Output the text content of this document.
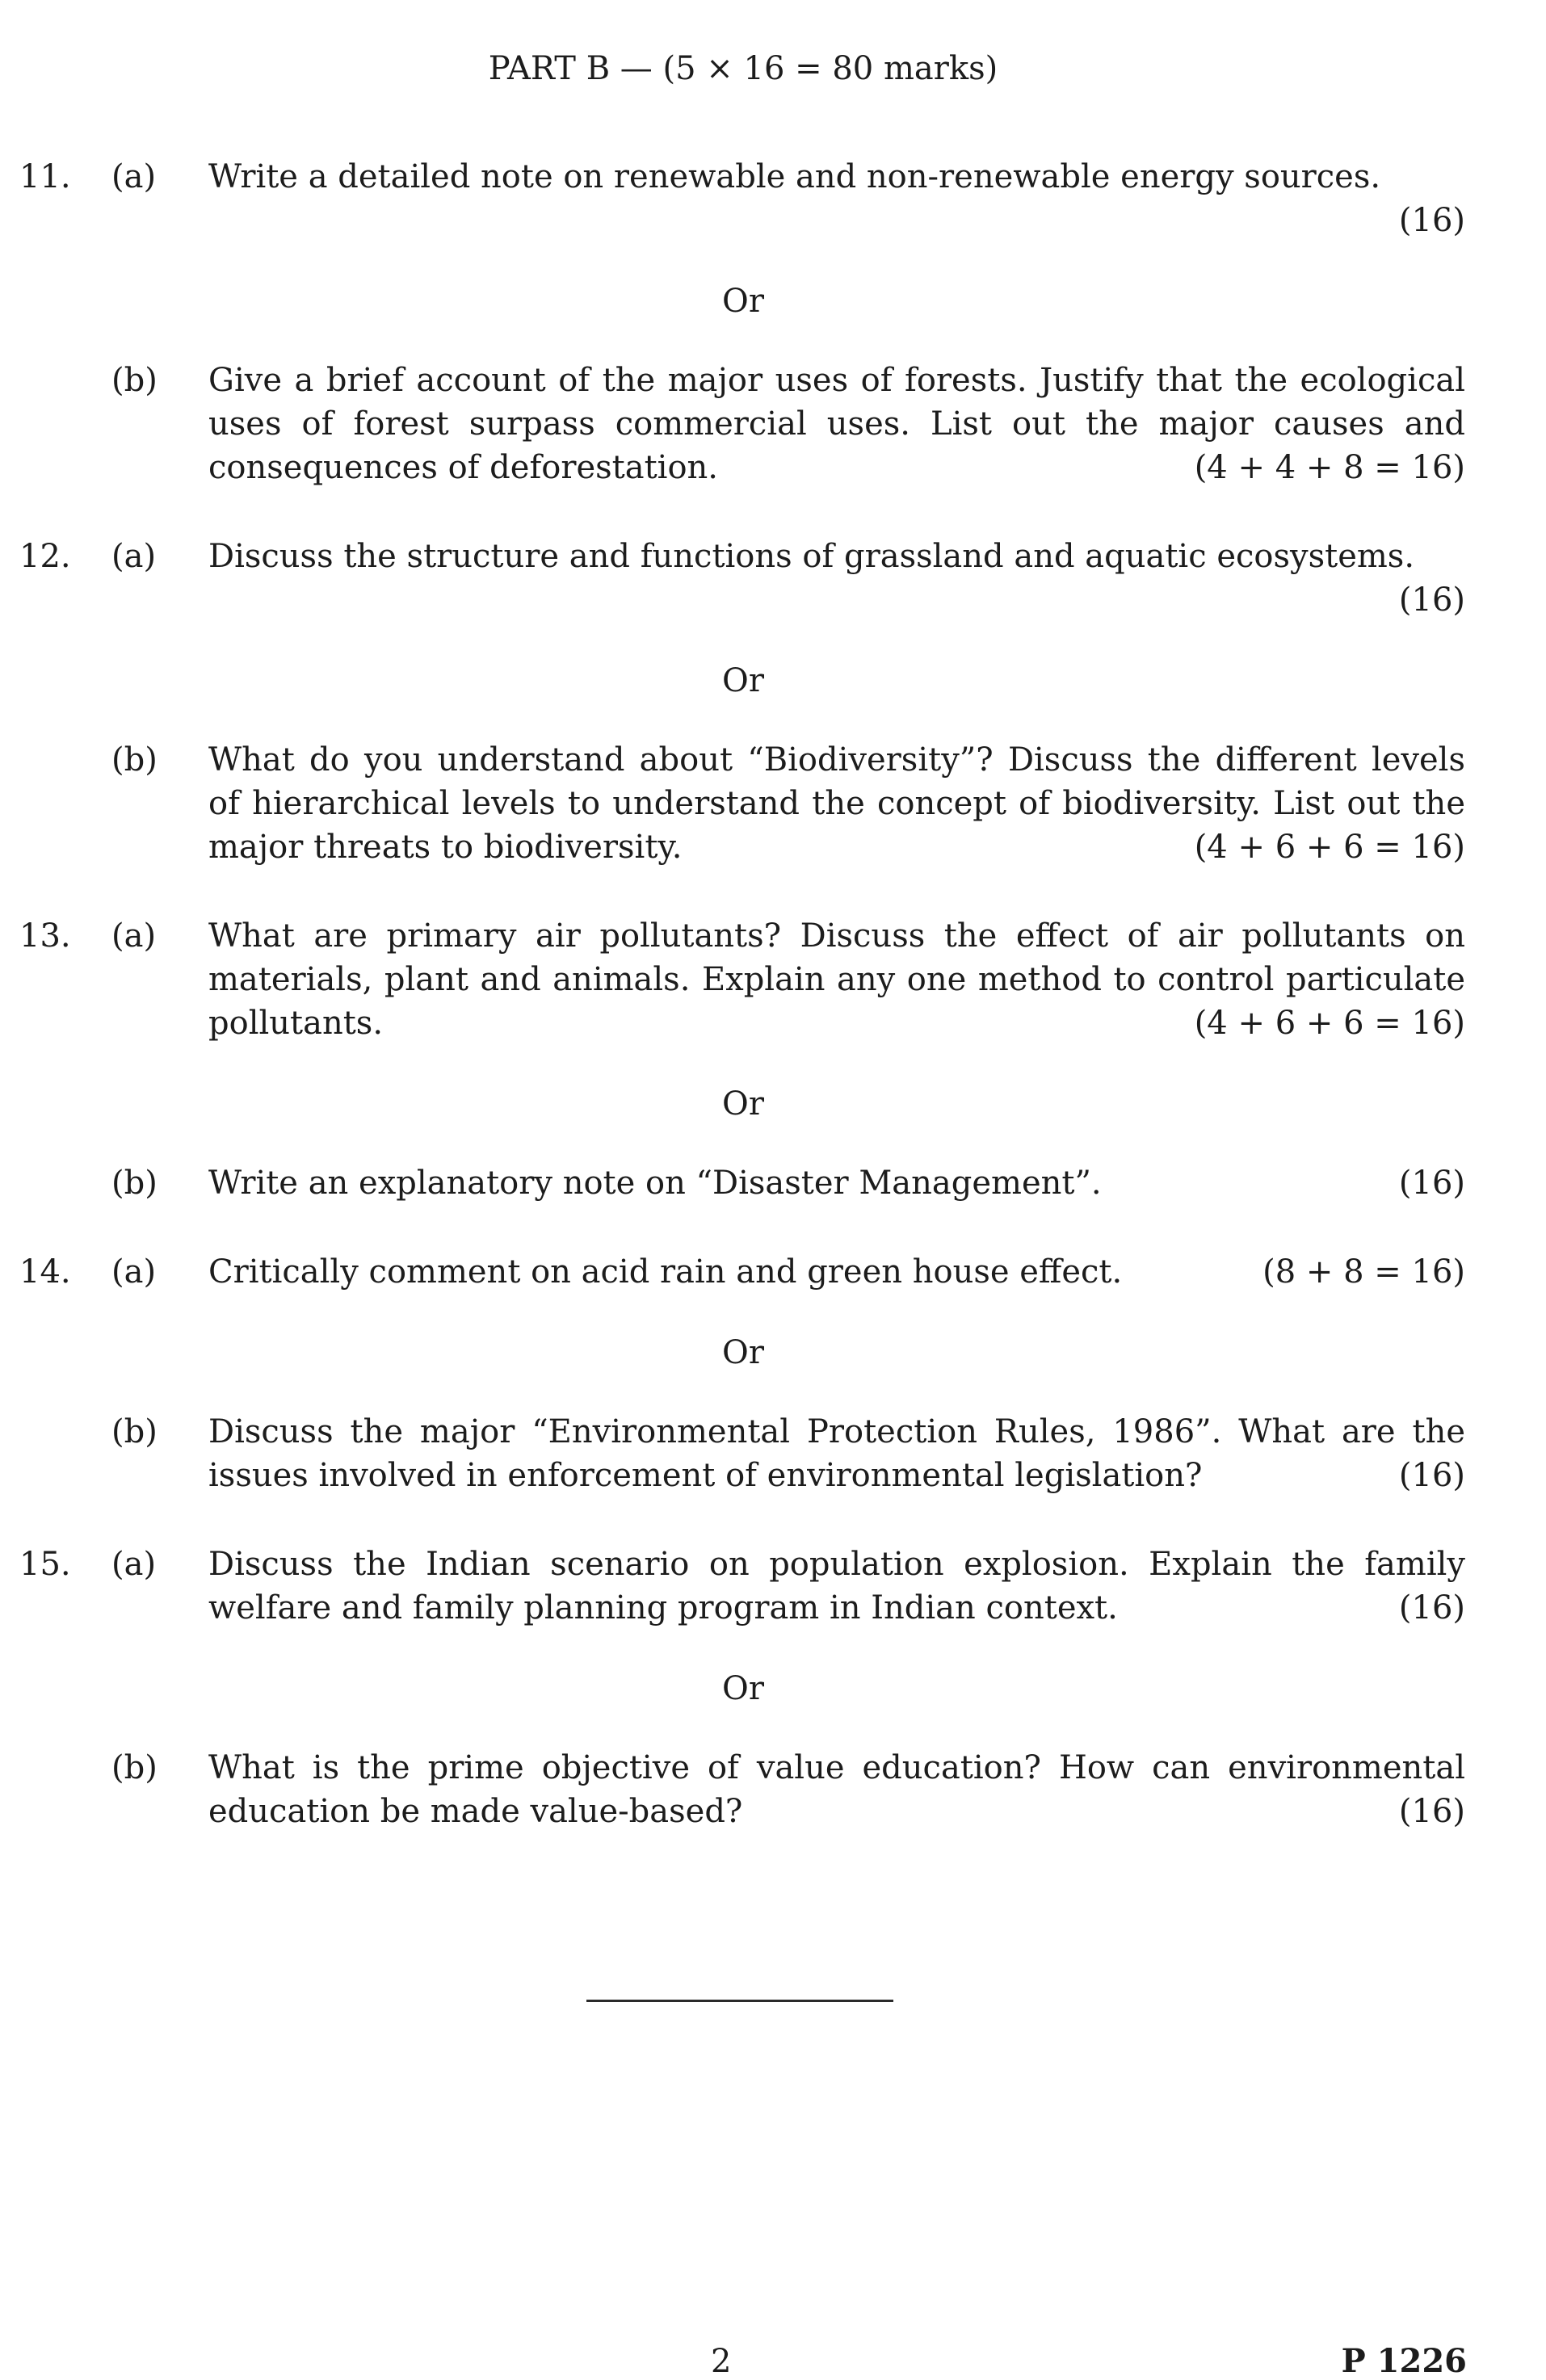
PART B — (5 × 16 = 80 marks)
11. (a) Write a detailed note on renewable and non-renewable energy sources.
(16)
Or
(b) Give a brief account of the major uses of forests. Justify that the ecological uses of forest surpass commercial uses. List out the major causes and consequences of deforestation.	(4 + 4 + 8 = 16)
12. (a) Discuss the structure and functions of grassland and aquatic ecosystems.
(16)
Or
(b) What do you understand about “Biodiversity”? Discuss the different levels of hierarchical levels to understand the concept of biodiversity. List out the major threats to biodiversity.	(4 + 6 + 6 = 16)
13. (a) What are primary air pollutants? Discuss the effect of air pollutants on materials, plant and animals. Explain any one method to control particulate pollutants.	(4 + 6 + 6 = 16)
Or
(b) Write an explanatory note on “Disaster Management”.	(16)
14. (a) Critically comment on acid rain and green house effect.	(8 + 8 = 16)
Or
(b) Discuss the major “Environmental Protection Rules, 1986”. What are the issues involved in enforcement of environmental legislation?	(16)
15. (a) Discuss the Indian scenario on population explosion. Explain the family welfare and family planning program in Indian context.	(16)
Or
(b) What is the prime objective of value education? How can environmental education be made value-based?	(16)
2	P 1226
